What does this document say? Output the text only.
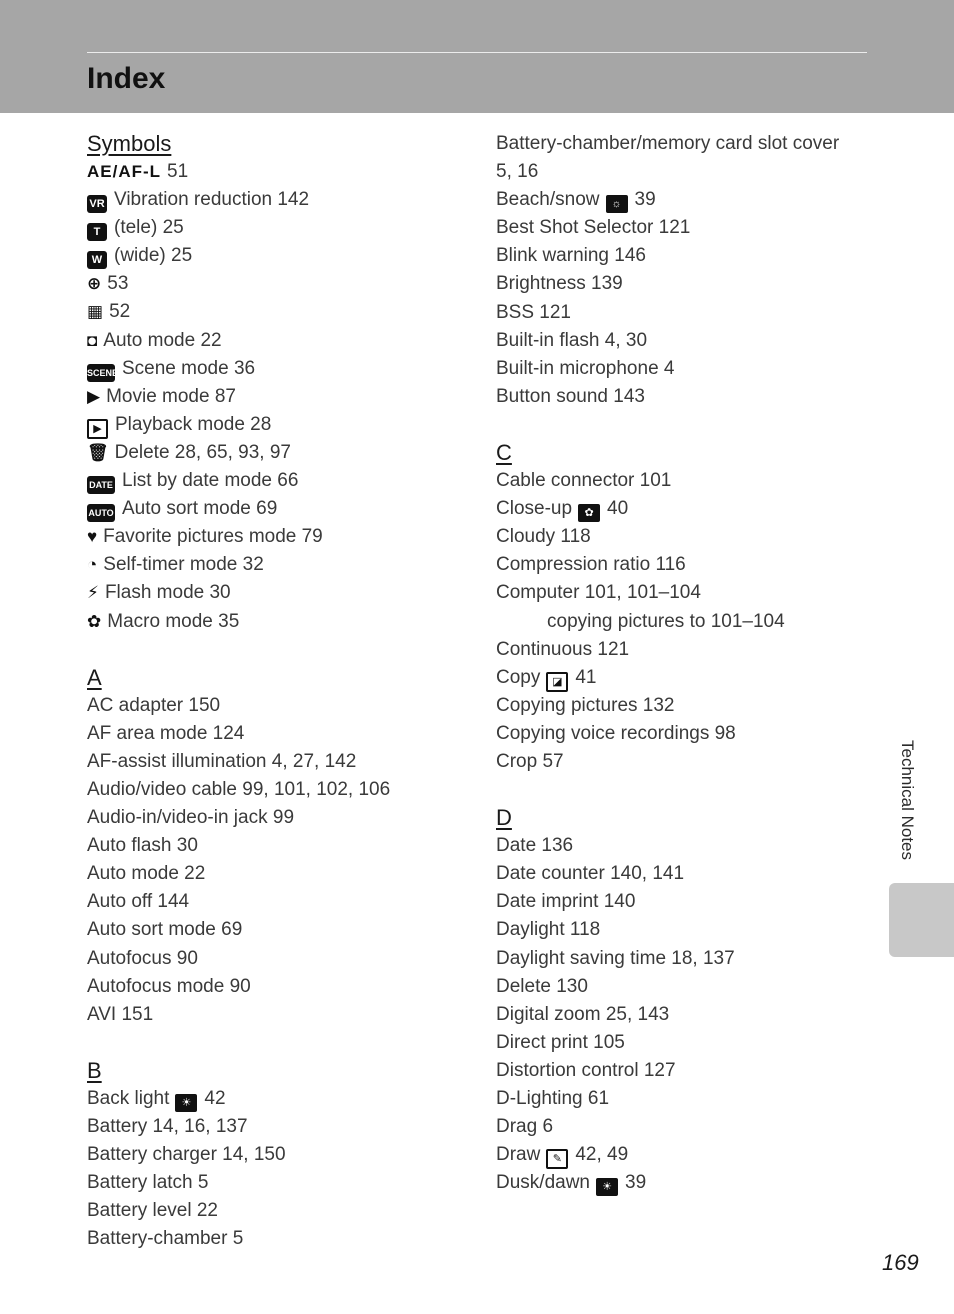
Index
Symbols
AE/AF-L 51
VR Vibration reduction 142
T (tele) 25
W (wide) 25
⊕ 53
▦ 52
◘ Auto mode 22
SCENE Scene mode 36
▶ Movie mode 87
▶ Playback mode 28
🗑 Delete 28, 65, 93, 97
DATE List by date mode 66
AUTO Auto sort mode 69
♥ Favorite pictures mode 79
◔ Self-timer mode 32
⚡ Flash mode 30
✿ Macro mode 35
A
AC adapter 150
AF area mode 124
AF-assist illumination 4, 27, 142
Audio/video cable 99, 101, 102, 106
Audio-in/video-in jack 99
Auto flash 30
Auto mode 22
Auto off 144
Auto sort mode 69
Autofocus 90
Autofocus mode 90
AVI 151
B
Back light ☀ 42
Battery 14, 16, 137
Battery charger 14, 150
Battery latch 5
Battery level 22
Battery-chamber 5
Battery-chamber/memory card slot cover
5, 16
Beach/snow ☼ 39
Best Shot Selector 121
Blink warning 146
Brightness 139
BSS 121
Built-in flash 4, 30
Built-in microphone 4
Button sound 143
C
Cable connector 101
Close-up ✿ 40
Cloudy 118
Compression ratio 116
Computer 101, 101–104
copying pictures to 101–104
Continuous 121
Copy ◪ 41
Copying pictures 132
Copying voice recordings 98
Crop 57
D
Date 136
Date counter 140, 141
Date imprint 140
Daylight 118
Daylight saving time 18, 137
Delete 130
Digital zoom 25, 143
Direct print 105
Distortion control 127
D-Lighting 61
Drag 6
Draw ✎ 42, 49
Dusk/dawn ☀ 39
Technical Notes
169
